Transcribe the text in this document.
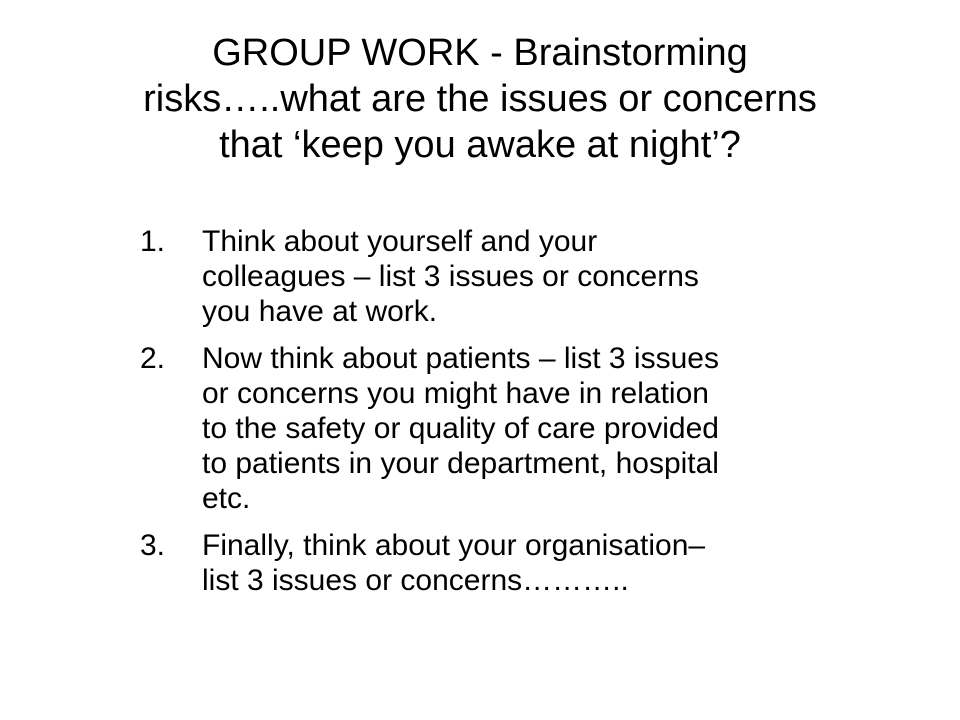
GROUP WORK - Brainstorming
risks…..what are the issues or concerns
that ‘keep you awake at night’?
1. Think about yourself and your
colleagues – list 3 issues or concerns
you have at work.
2. Now think about patients – list 3 issues
or concerns you might have in relation
to the safety or quality of care provided
to patients in your department, hospital
etc.
3. Finally, think about your organisation–
list 3 issues or concerns………..
